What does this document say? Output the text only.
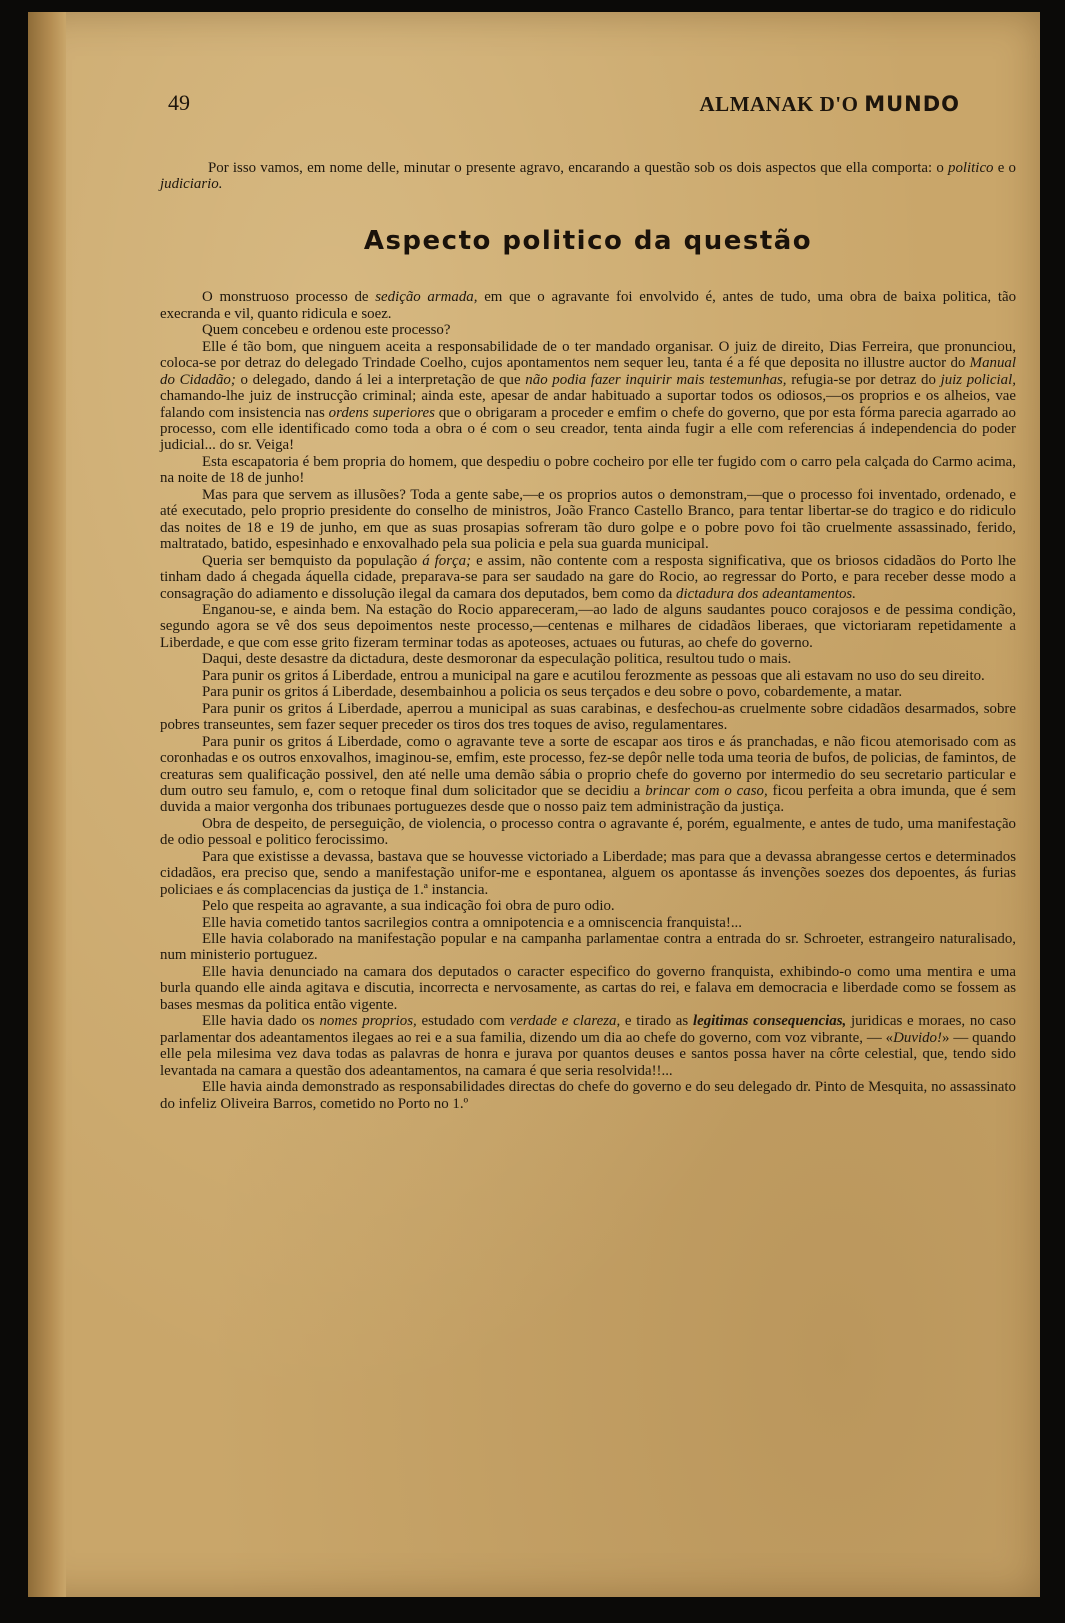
49	ALMANAK D'O MUNDO

Por isso vamos, em nome delle, minutar o presente agravo, encarando a questão sob os dois aspectos que ella comporta: o politico e o judiciario.

Aspecto politico da questão

O monstruoso processo de sedição armada, em que o agravante foi envolvido é, antes de tudo, uma obra de baixa politica, tão execranda e vil, quanto ridicula e soez.

Quem concebeu e ordenou este processo?

Elle é tão bom, que ninguem aceita a responsabilidade de o ter mandado organisar. O juiz de direito, Dias Ferreira, que pronunciou, coloca-se por detraz do delegado Trindade Coelho, cujos apontamentos nem sequer leu, tanta é a fé que deposita no illustre auctor do Manual do Cidadão; o delegado, dando á lei a interpretação de que não podia fazer inquirir mais testemunhas, refugia-se por detraz do juiz policial, chamando-lhe juiz de instrucção criminal; ainda este, apesar de andar habituado a suportar todos os odiosos,—os proprios e os alheios, vae falando com insistencia nas ordens superiores que o obrigaram a proceder e emfim o chefe do governo, que por esta fórma parecia agarrado ao processo, com elle identificado como toda a obra o é com o seu creador, tenta ainda fugir a elle com referencias á independencia do poder judicial... do sr. Veiga!

Esta escapatoria é bem propria do homem, que despediu o pobre cocheiro por elle ter fugido com o carro pela calçada do Carmo acima, na noite de 18 de junho!

Mas para que servem as illusões? Toda a gente sabe,—e os proprios autos o demonstram,—que o processo foi inventado, ordenado, e até executado, pelo proprio presidente do conselho de ministros, João Franco Castello Branco, para tentar libertar-se do tragico e do ridiculo das noites de 18 e 19 de junho, em que as suas prosapias sofreram tão duro golpe e o pobre povo foi tão cruelmente assassinado, ferido, maltratado, batido, espesinhado e enxovalhado pela sua policia e pela sua guarda municipal.

Queria ser bemquisto da população á força; e assim, não contente com a resposta significativa, que os briosos cidadãos do Porto lhe tinham dado á chegada áquella cidade, preparava-se para ser saudado na gare do Rocio, ao regressar do Porto, e para receber desse modo a consagração do adiamento e dissolução ilegal da camara dos deputados, bem como da dictadura dos adeantamentos.

Enganou-se, e ainda bem. Na estação do Rocio appareceram,—ao lado de alguns saudantes pouco corajosos e de pessima condição, segundo agora se vê dos seus depoimentos neste processo,—centenas e milhares de cidadãos liberaes, que victoriaram repetidamente a Liberdade, e que com esse grito fizeram terminar todas as apoteoses, actuaes ou futuras, ao chefe do governo.

Daqui, deste desastre da dictadura, deste desmoronar da especulação politica, resultou tudo o mais.

Para punir os gritos á Liberdade, entrou a municipal na gare e acutilou ferozmente as pessoas que ali estavam no uso do seu direito.

Para punir os gritos á Liberdade, desembainhou a policia os seus terçados e deu sobre o povo, cobardemente, a matar.

Para punir os gritos á Liberdade, aperrou a municipal as suas carabinas, e desfechou-as cruelmente sobre cidadãos desarmados, sobre pobres transeuntes, sem fazer sequer preceder os tiros dos tres toques de aviso, regulamentares.

Para punir os gritos á Liberdade, como o agravante teve a sorte de escapar aos tiros e ás pranchadas, e não ficou atemorisado com as coronhadas e os outros enxovalhos, imaginou-se, emfim, este processo, fez-se depôr nelle toda uma teoria de bufos, de policias, de famintos, de creaturas sem qualificação possivel, den até nelle uma demão sábia o proprio chefe do governo por intermedio do seu secretario particular e dum outro seu famulo, e, com o retoque final dum solicitador que se decidiu a brincar com o caso, ficou perfeita a obra imunda, que é sem duvida a maior vergonha dos tribunaes portuguezes desde que o nosso paiz tem administração da justiça.

Obra de despeito, de perseguição, de violencia, o processo contra o agravante é, porém, egualmente, e antes de tudo, uma manifestação de odio pessoal e politico ferocissimo.

Para que existisse a devassa, bastava que se houvesse victoriado a Liberdade; mas para que a devassa abrangesse certos e determinados cidadãos, era preciso que, sendo a manifestação unifor-me e espontanea, alguem os apontasse ás invenções soezes dos depoentes, ás furias policiaes e ás complacencias da justiça de 1.ª instancia.

Pelo que respeita ao agravante, a sua indicação foi obra de puro odio.

Elle havia cometido tantos sacrilegios contra a omnipotencia e a omniscencia franquista!...

Elle havia colaborado na manifestação popular e na campanha parlamentae contra a entrada do sr. Schroeter, estrangeiro naturalisado, num ministerio portuguez.

Elle havia denunciado na camara dos deputados o caracter especifico do governo franquista, exhibindo-o como uma mentira e uma burla quando elle ainda agitava e discutia, incorrecta e nervosamente, as cartas do rei, e falava em democracia e liberdade como se fossem as bases mesmas da politica então vigente.

Elle havia dado os nomes proprios, estudado com verdade e clareza, e tirado as legitimas consequencias, juridicas e moraes, no caso parlamentar dos adeantamentos ilegaes ao rei e a sua familia, dizendo um dia ao chefe do governo, com voz vibrante, — «Duvido!» — quando elle pela milesima vez dava todas as palavras de honra e jurava por quantos deuses e santos possa haver na côrte celestial, que, tendo sido levantada na camara a questão dos adeantamentos, na camara é que seria resolvida!!...

Elle havia ainda demonstrado as responsabilidades directas do chefe do governo e do seu delegado dr. Pinto de Mesquita, no assassinato do infeliz Oliveira Barros, cometido no Porto no 1.º
